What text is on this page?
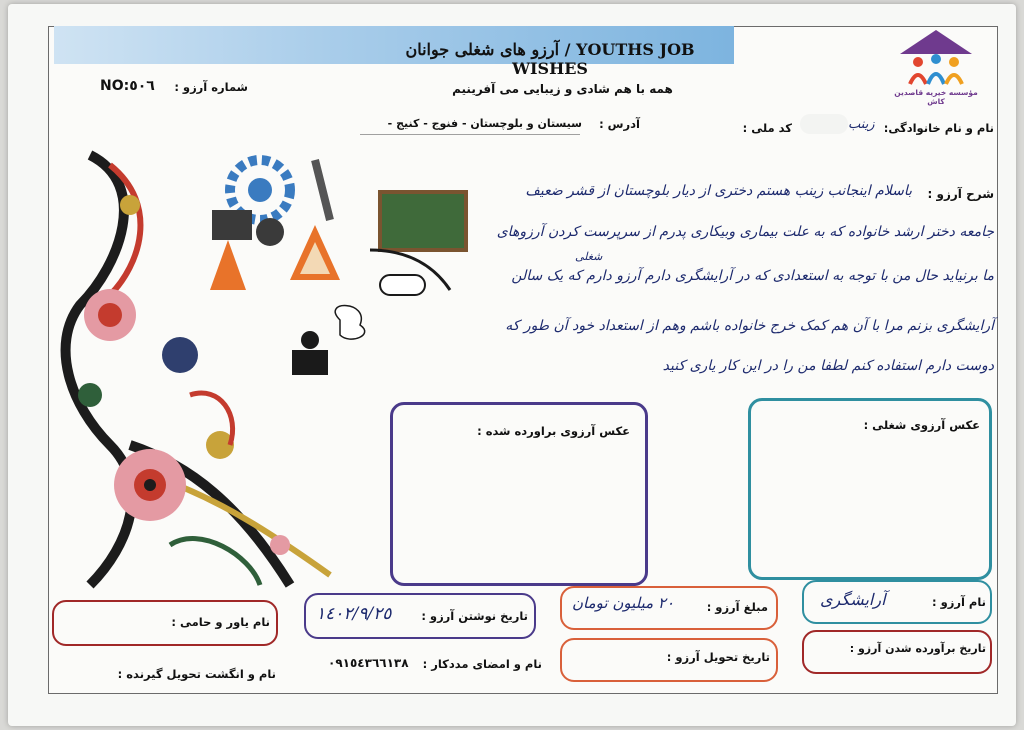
مؤسسه خیریه قاصدین کاش
آرزو های شغلی جوانان / YOUTHS JOB WISHES
همه با هم شادی و زیبایی می آفرینیم
شماره آرزو :
NO:٥٠٦
نام و نام خانوادگی:
زینب
کد ملی :
آدرس :
سیستان و بلوچستان - فنوج - کنیج -
شرح آرزو :
باسلام اینجانب زینب هستم دختری از دیار بلوچستان از قشر ضعیف
جامعه دختر ارشد خانواده که به علت بیماری وبیکاری پدرم از سرپرست کردن آرزوهای
شغلی
ما برنیاید حال من با توجه به استعدادی که در آرایشگری دارم آرزو دارم که یک سالن
آرایشگری بزنم مرا با آن هم کمک خرج خانواده باشم وهم از استعداد خود آن طور که
دوست دارم استفاده کنم لطفا من را در این کار یاری کنید
عکس آرزوی شغلی :
عکس آرزوی براورده شده :
نام آرزو :
آرایشگری
مبلغ آرزو :
٢٠ میلیون تومان
تاریخ نوشتن آرزو :
١٤٠٢/٩/٢٥
نام یاور و حامی :
تاریخ برآورده شدن آرزو :
تاریخ تحویل آرزو :
نام و امضای مددکار :
٠٩١٥٤٣٦٦١٣٨
نام و انگشت تحویل گیرنده :
